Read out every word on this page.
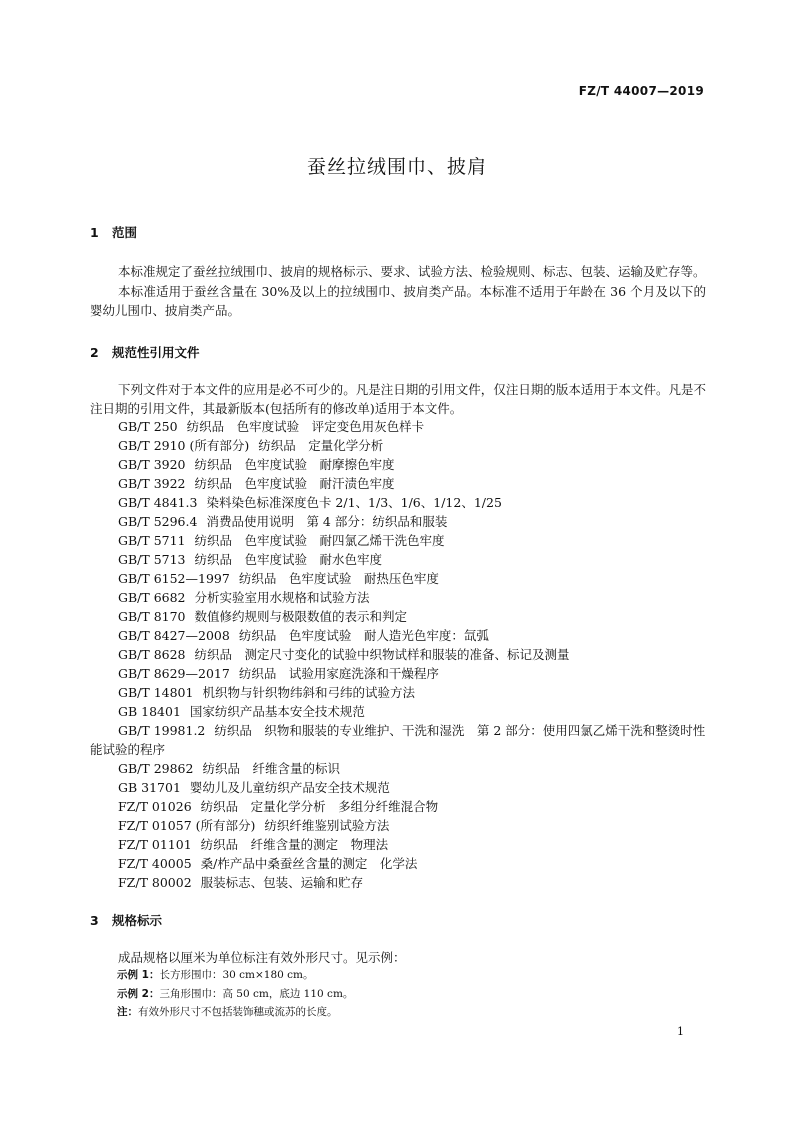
FZ/T 44007—2019
蚕丝拉绒围巾、披肩
1 范围
本标准规定了蚕丝拉绒围巾、披肩的规格标示、要求、试验方法、检验规则、标志、包装、运输及贮存等。
本标准适用于蚕丝含量在 30%及以上的拉绒围巾、披肩类产品。本标准不适用于年龄在 36 个月及以下的婴幼儿围巾、披肩类产品。
2 规范性引用文件
下列文件对于本文件的应用是必不可少的。凡是注日期的引用文件，仅注日期的版本适用于本文件。凡是不注日期的引用文件，其最新版本(包括所有的修改单)适用于本文件。
GB/T 250 纺织品　色牢度试验　评定变色用灰色样卡
GB/T 2910 (所有部分) 纺织品　定量化学分析
GB/T 3920 纺织品　色牢度试验　耐摩擦色牢度
GB/T 3922 纺织品　色牢度试验　耐汗渍色牢度
GB/T 4841.3 染料染色标准深度色卡 2/1、1/3、1/6、1/12、1/25
GB/T 5296.4 消费品使用说明　第 4 部分：纺织品和服装
GB/T 5711 纺织品　色牢度试验　耐四氯乙烯干洗色牢度
GB/T 5713 纺织品　色牢度试验　耐水色牢度
GB/T 6152—1997 纺织品　色牢度试验　耐热压色牢度
GB/T 6682 分析实验室用水规格和试验方法
GB/T 8170 数值修约规则与极限数值的表示和判定
GB/T 8427—2008 纺织品　色牢度试验　耐人造光色牢度：氙弧
GB/T 8628 纺织品　测定尺寸变化的试验中织物试样和服装的准备、标记及测量
GB/T 8629—2017 纺织品　试验用家庭洗涤和干燥程序
GB/T 14801 机织物与针织物纬斜和弓纬的试验方法
GB 18401 国家纺织产品基本安全技术规范
GB/T 19981.2 纺织品　织物和服装的专业维护、干洗和湿洗　第 2 部分：使用四氯乙烯干洗和整烫时性能试验的程序
GB/T 29862 纺织品　纤维含量的标识
GB 31701 婴幼儿及儿童纺织产品安全技术规范
FZ/T 01026 纺织品　定量化学分析　多组分纤维混合物
FZ/T 01057 (所有部分) 纺织纤维鉴别试验方法
FZ/T 01101 纺织品　纤维含量的测定　物理法
FZ/T 40005 桑/柞产品中桑蚕丝含量的测定　化学法
FZ/T 80002 服装标志、包装、运输和贮存
3 规格标示
成品规格以厘米为单位标注有效外形尺寸。见示例：
示例 1：长方形围巾：30 cm×180 cm。
示例 2：三角形围巾：高 50 cm，底边 110 cm。
注：有效外形尺寸不包括装饰穗或流苏的长度。
1
